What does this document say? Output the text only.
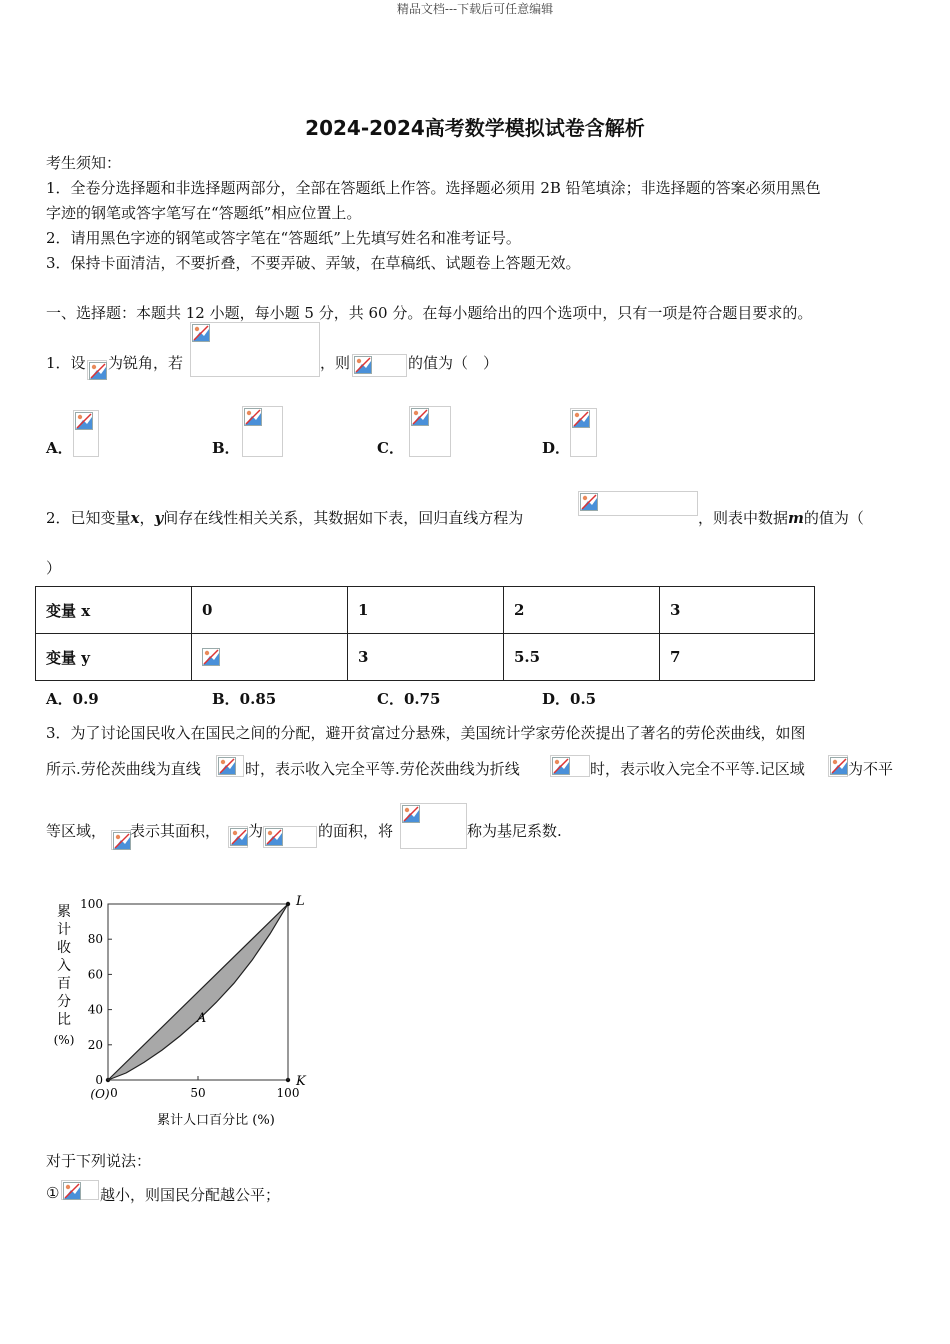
精品文档---下载后可任意编辑
2024-2024高考数学模拟试卷含解析
考生须知：
1．全卷分选择题和非选择题两部分，全部在答题纸上作答。选择题必须用 2B 铅笔填涂；非选择题的答案必须用黑色
字迹的钢笔或答字笔写在“答题纸”相应位置上。
2．请用黑色字迹的钢笔或答字笔在“答题纸”上先填写姓名和准考证号。
3．保持卡面清洁，不要折叠，不要弄破、弄皱，在草稿纸、试题卷上答题无效。
一、选择题：本题共 12 小题，每小题 5 分，共 60 分。在每小题给出的四个选项中，只有一项是符合题目要求的。
1．设 为锐角，若	，则	的值为（　）
A．	B．	C．	D．
2．已知变量x，y间存在线性相关关系，其数据如下表，回归直线方程为	，则表中数据m的值为（
）
变量 x	0	1	2	3
变量 y		3	5.5	7
A．0.9	B．0.85	C．0.75	D．0.5
3．为了讨论国民收入在国民之间的分配，避开贫富过分悬殊，美国统计学家劳伦茨提出了著名的劳伦茨曲线，如图
所示.劳伦茨曲线为直线	时，表示收入完全平等.劳伦茨曲线为折线	时，表示收入完全不平等.记区域	为不平
等区域， 表示其面积， 为	的面积，将	称为基尼系数.
累
计
收
入
百
分
比
(%)
0
20
40
60
80
100
0	50	100
(O)
L
K
A
累计人口百分比 (%)
对于下列说法：
①	越小，则国民分配越公平；
